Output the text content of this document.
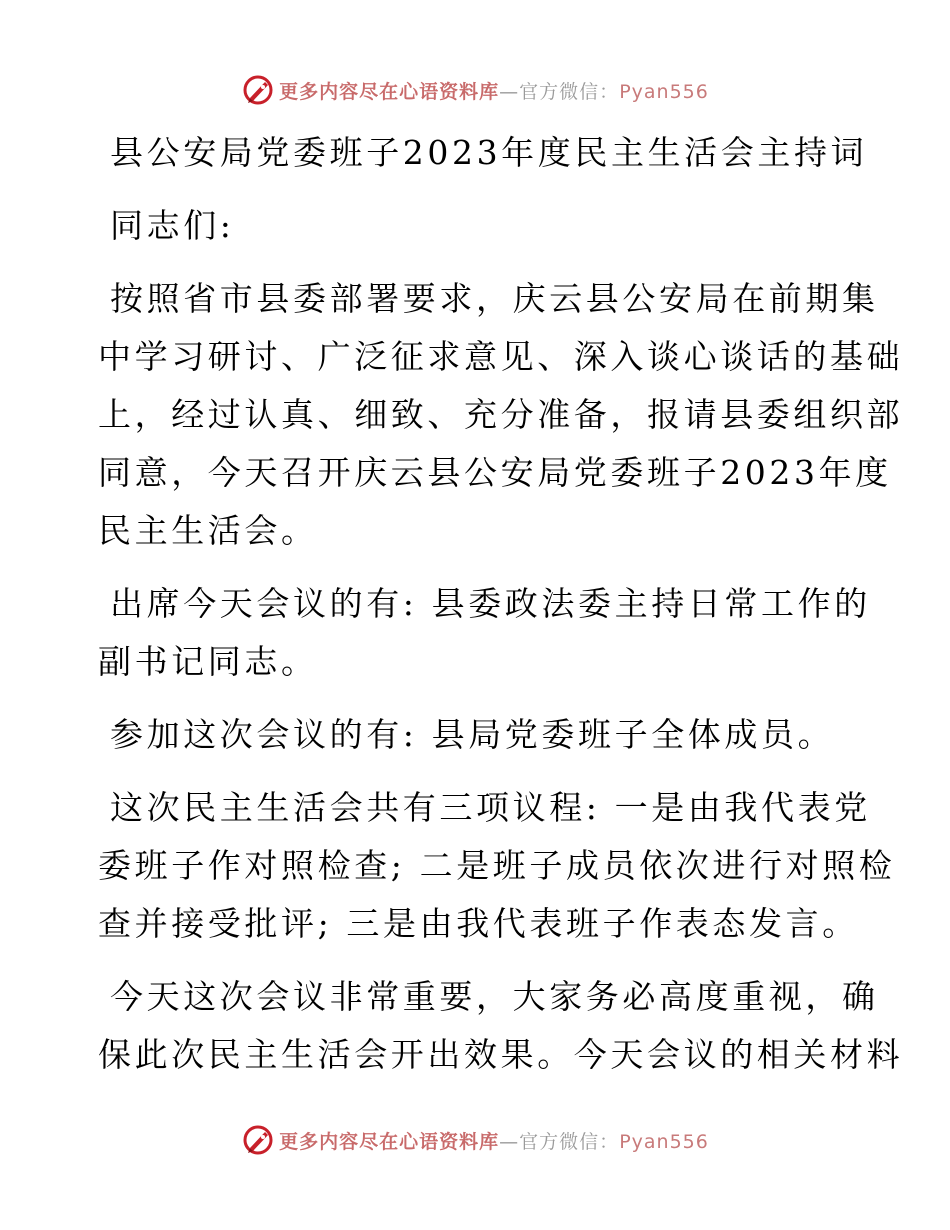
更多内容尽在心语资料库—官方微信：Pyan556
县公安局党委班子2023年度民主生活会主持词
同志们:
按照省市县委部署要求，庆云县公安局在前期集
中学习研讨、广泛征求意见、深入谈心谈话的基础
上，经过认真、细致、充分准备，报请县委组织部
同意，今天召开庆云县公安局党委班子2023年度
民主生活会。
出席今天会议的有: 县委政法委主持日常工作的
副书记同志。
参加这次会议的有: 县局党委班子全体成员。
这次民主生活会共有三项议程: 一是由我代表党
委班子作对照检查; 二是班子成员依次进行对照检
查并接受批评; 三是由我代表班子作表态发言。
今天这次会议非常重要，大家务必高度重视，确
保此次民主生活会开出效果。今天会议的相关材料
更多内容尽在心语资料库—官方微信：Pyan556
